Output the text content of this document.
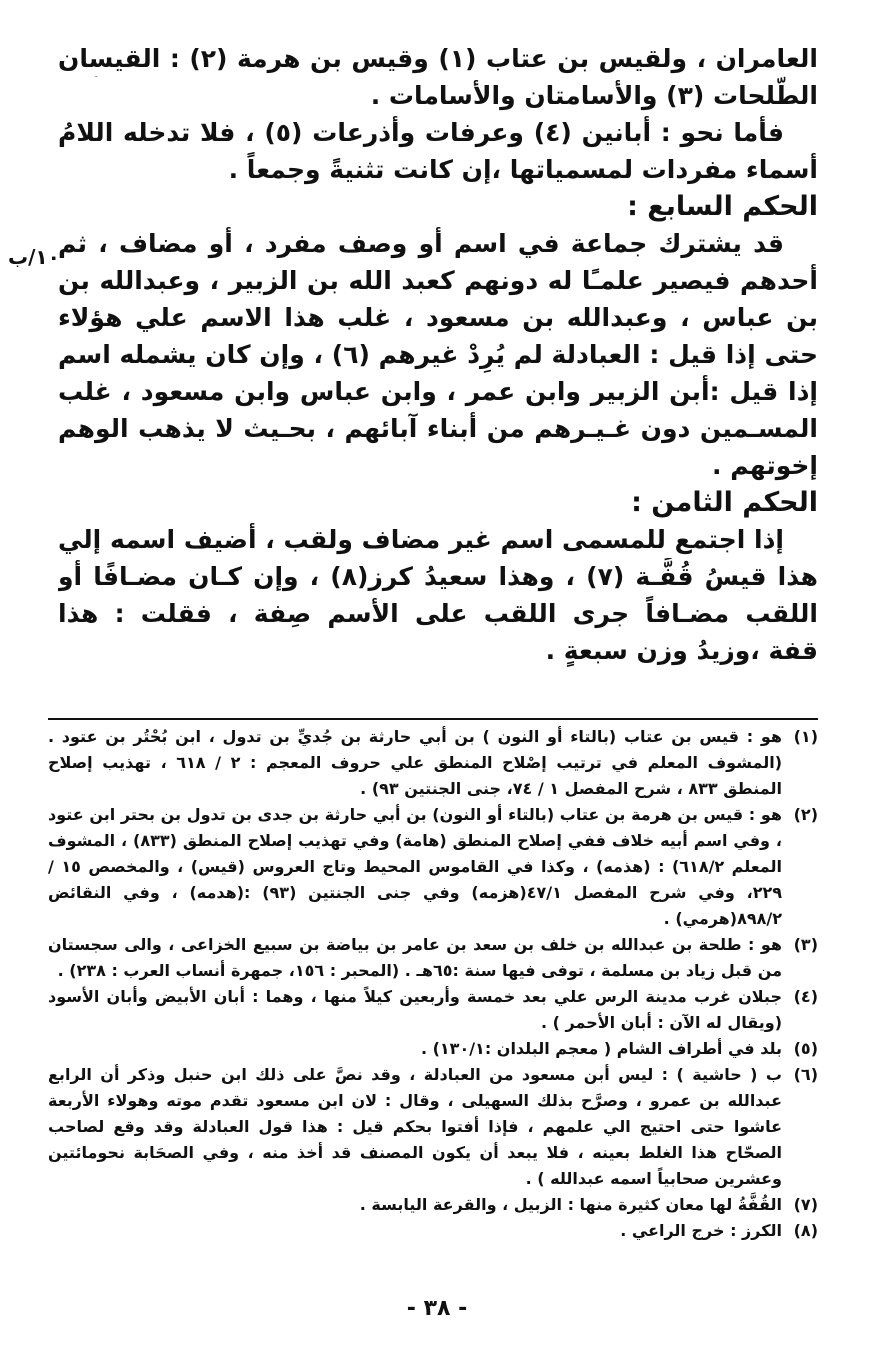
العامران ، ولقيس بن عتاب (١) وقيس بن هرمة (٢) : القيسان
الطّلحات (٣) والأسامتان والأسامات .
فأما نحو : أبانين (٤) وعرفات وأذرعات (٥) ، فلا تدخله اللامُ
أسماء مفردات لمسمياتها ،إن كانت تثنيةً وجمعاً .
الحكم السابع :
قد يشترك جماعة في اسم أو وصف مفرد ، أو مضاف ، ثم
أحدهم فيصير علمـًا له دونهم كعبد الله بن الزبير ، وعبدالله بن
بن عباس ، وعبدالله بن مسعود ، غلب هذا الاسم علي هؤلاء
حتى إذا قيل : العبادلة لم يُرِدْ غيرهم (٦) ، وإن كان يشمله اسم
إذا قيل :أبن الزبير وابن عمر ، وابن عباس وابن مسعود ، غلب
المسـمين دون غـيـرهم من أبناء آبائهم ، بحـيث لا يذهب الوهم
إخوتهم .
الحكم الثامن :
إذا اجتمع للمسمى اسم غير مضاف ولقب ، أضيف اسمه إلي
هذا قيسُ قُفَّـة (٧) ، وهذا سعيدُ كرز(٨) ، وإن كـان مضـافًا أو
اللقب مضـافاً جرى اللقب على الأسم صِفة ، فقلت : هذا
قفة ،وزيدُ وزن سبعةٍ .
١٠/ب
(١)
هو : قيس بن عتاب (بالتاء أو النون ) بن أبي حارثة بن جُديِّ بن تدول ، ابن بُحْتُر بن عتود . (المشوف المعلم في ترتيب إصْلاح المنطق علي حروف المعجم : ٢ / ٦١٨ ، تهذيب إصلاح المنطق ٨٣٣ ، شرح المفصل ١ / ٧٤، جنى الجنتين ٩٣) .
(٢)
هو : قيس بن هرمة بن عتاب (بالتاء أو النون) بن أبي حارثة بن جدى بن تدول بن بحتر ابن عتود ، وفي اسم أبيه خلاف ففي إصلاح المنطق (هامة) وفي تهذيب إصلاح المنطق (٨٣٣) ، المشوف المعلم ٦١٨/٢) : (هذمه) ، وكذا في القاموس المحيط وتاج العروس (قيس) ، والمخصص ١٥ / ٢٢٩، وفي شرح المفصل ٤٧/١(هزمه) وفي جنى الجنتين (٩٣) :(هدمه) ، وفي النقائض ٨٩٨/٢(هرمي) .
(٣)
هو : طلحة بن عبدالله بن خلف بن سعد بن عامر بن بياضة بن سبيع الخزاعى ، والى سجستان من قبل زياد بن مسلمة ، توفى فيها سنة :٦٥هـ . (المحبر : ١٥٦، جمهرة أنساب العرب : ٢٣٨) .
(٤)
جبلان غرب مدينة الرس علي بعد خمسة وأربعين كيلاً منها ، وهما : أبان الأبيض وأبان الأسود (ويقال له الآن : أبان الأحمر ) .
(٥)
بلد في أطراف الشام ( معجم البلدان :١٣٠/١) .
(٦)
ب ( حاشية ) : ليس أبن مسعود من العبادلة ، وقد نصَّ على ذلك ابن حنبل وذكر أن الرابع عبدالله بن عمرو ، وصرَّح بذلك السهيلى ، وقال : لان ابن مسعود تقدم موته وهولاء الأربعة عاشوا حتى احتيج الي علمهم ، فإذا أفتوا بحكم قيل : هذا قول العبادلة وقد وقع لصاحب الصحّاح هذا الغلط بعينه ، فلا يبعد أن يكون المصنف قد أخذ منه ، وفي الصحَابة نحومائتين وعشرين صحابياً اسمه عبدالله ) .
(٧)
القُفَّةُ لها معان كثيرة منها : الزبيل ، والقرعة اليابسة .
(٨)
الكرز : خرج الراعي .
- ٣٨ -
